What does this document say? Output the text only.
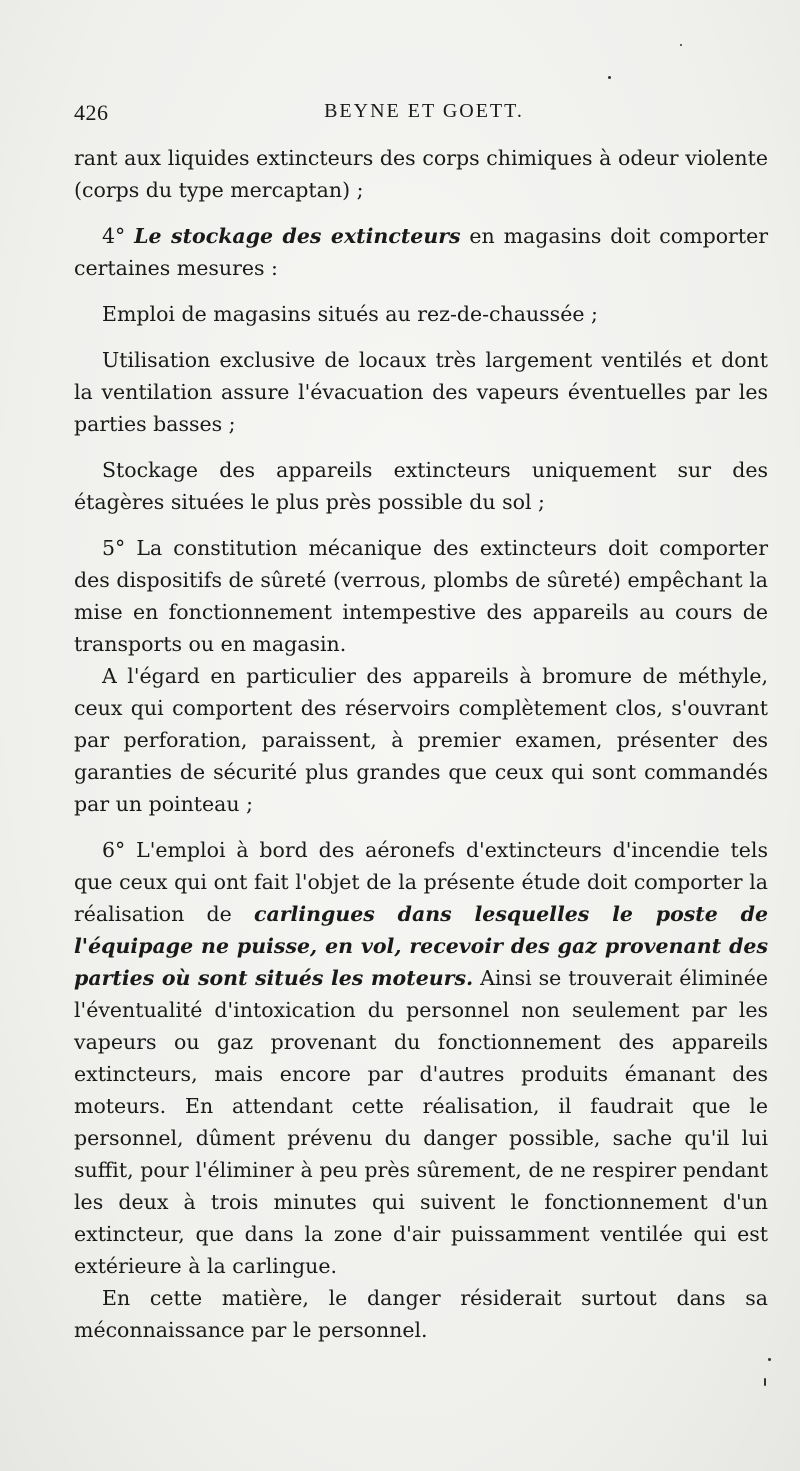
426	BEYNE ET GOETT.

rant aux liquides extincteurs des corps chimiques à odeur violente (corps du type mercaptan) ;

4° Le stockage des extincteurs en magasins doit comporter certaines mesures :

Emploi de magasins situés au rez-de-chaussée ;

Utilisation exclusive de locaux très largement ventilés et dont la ventilation assure l'évacuation des vapeurs éventuelles par les parties basses ;

Stockage des appareils extincteurs uniquement sur des étagères situées le plus près possible du sol ;

5° La constitution mécanique des extincteurs doit comporter des dispositifs de sûreté (verrous, plombs de sûreté) empêchant la mise en fonctionnement intempestive des appareils au cours de transports ou en magasin.

A l'égard en particulier des appareils à bromure de méthyle, ceux qui comportent des réservoirs complètement clos, s'ouvrant par perforation, paraissent, à premier examen, présenter des garanties de sécurité plus grandes que ceux qui sont commandés par un pointeau ;

6° L'emploi à bord des aéronefs d'extincteurs d'incendie tels que ceux qui ont fait l'objet de la présente étude doit comporter la réalisation de carlingues dans lesquelles le poste de l'équipage ne puisse, en vol, recevoir des gaz provenant des parties où sont situés les moteurs. Ainsi se trouverait éliminée l'éventualité d'intoxication du personnel non seulement par les vapeurs ou gaz provenant du fonctionnement des appareils extincteurs, mais encore par d'autres produits émanant des moteurs. En attendant cette réalisation, il faudrait que le personnel, dûment prévenu du danger possible, sache qu'il lui suffit, pour l'éliminer à peu près sûrement, de ne respirer pendant les deux à trois minutes qui suivent le fonctionnement d'un extincteur, que dans la zone d'air puissamment ventilée qui est extérieure à la carlingue.

En cette matière, le danger résiderait surtout dans sa méconnaissance par le personnel.
